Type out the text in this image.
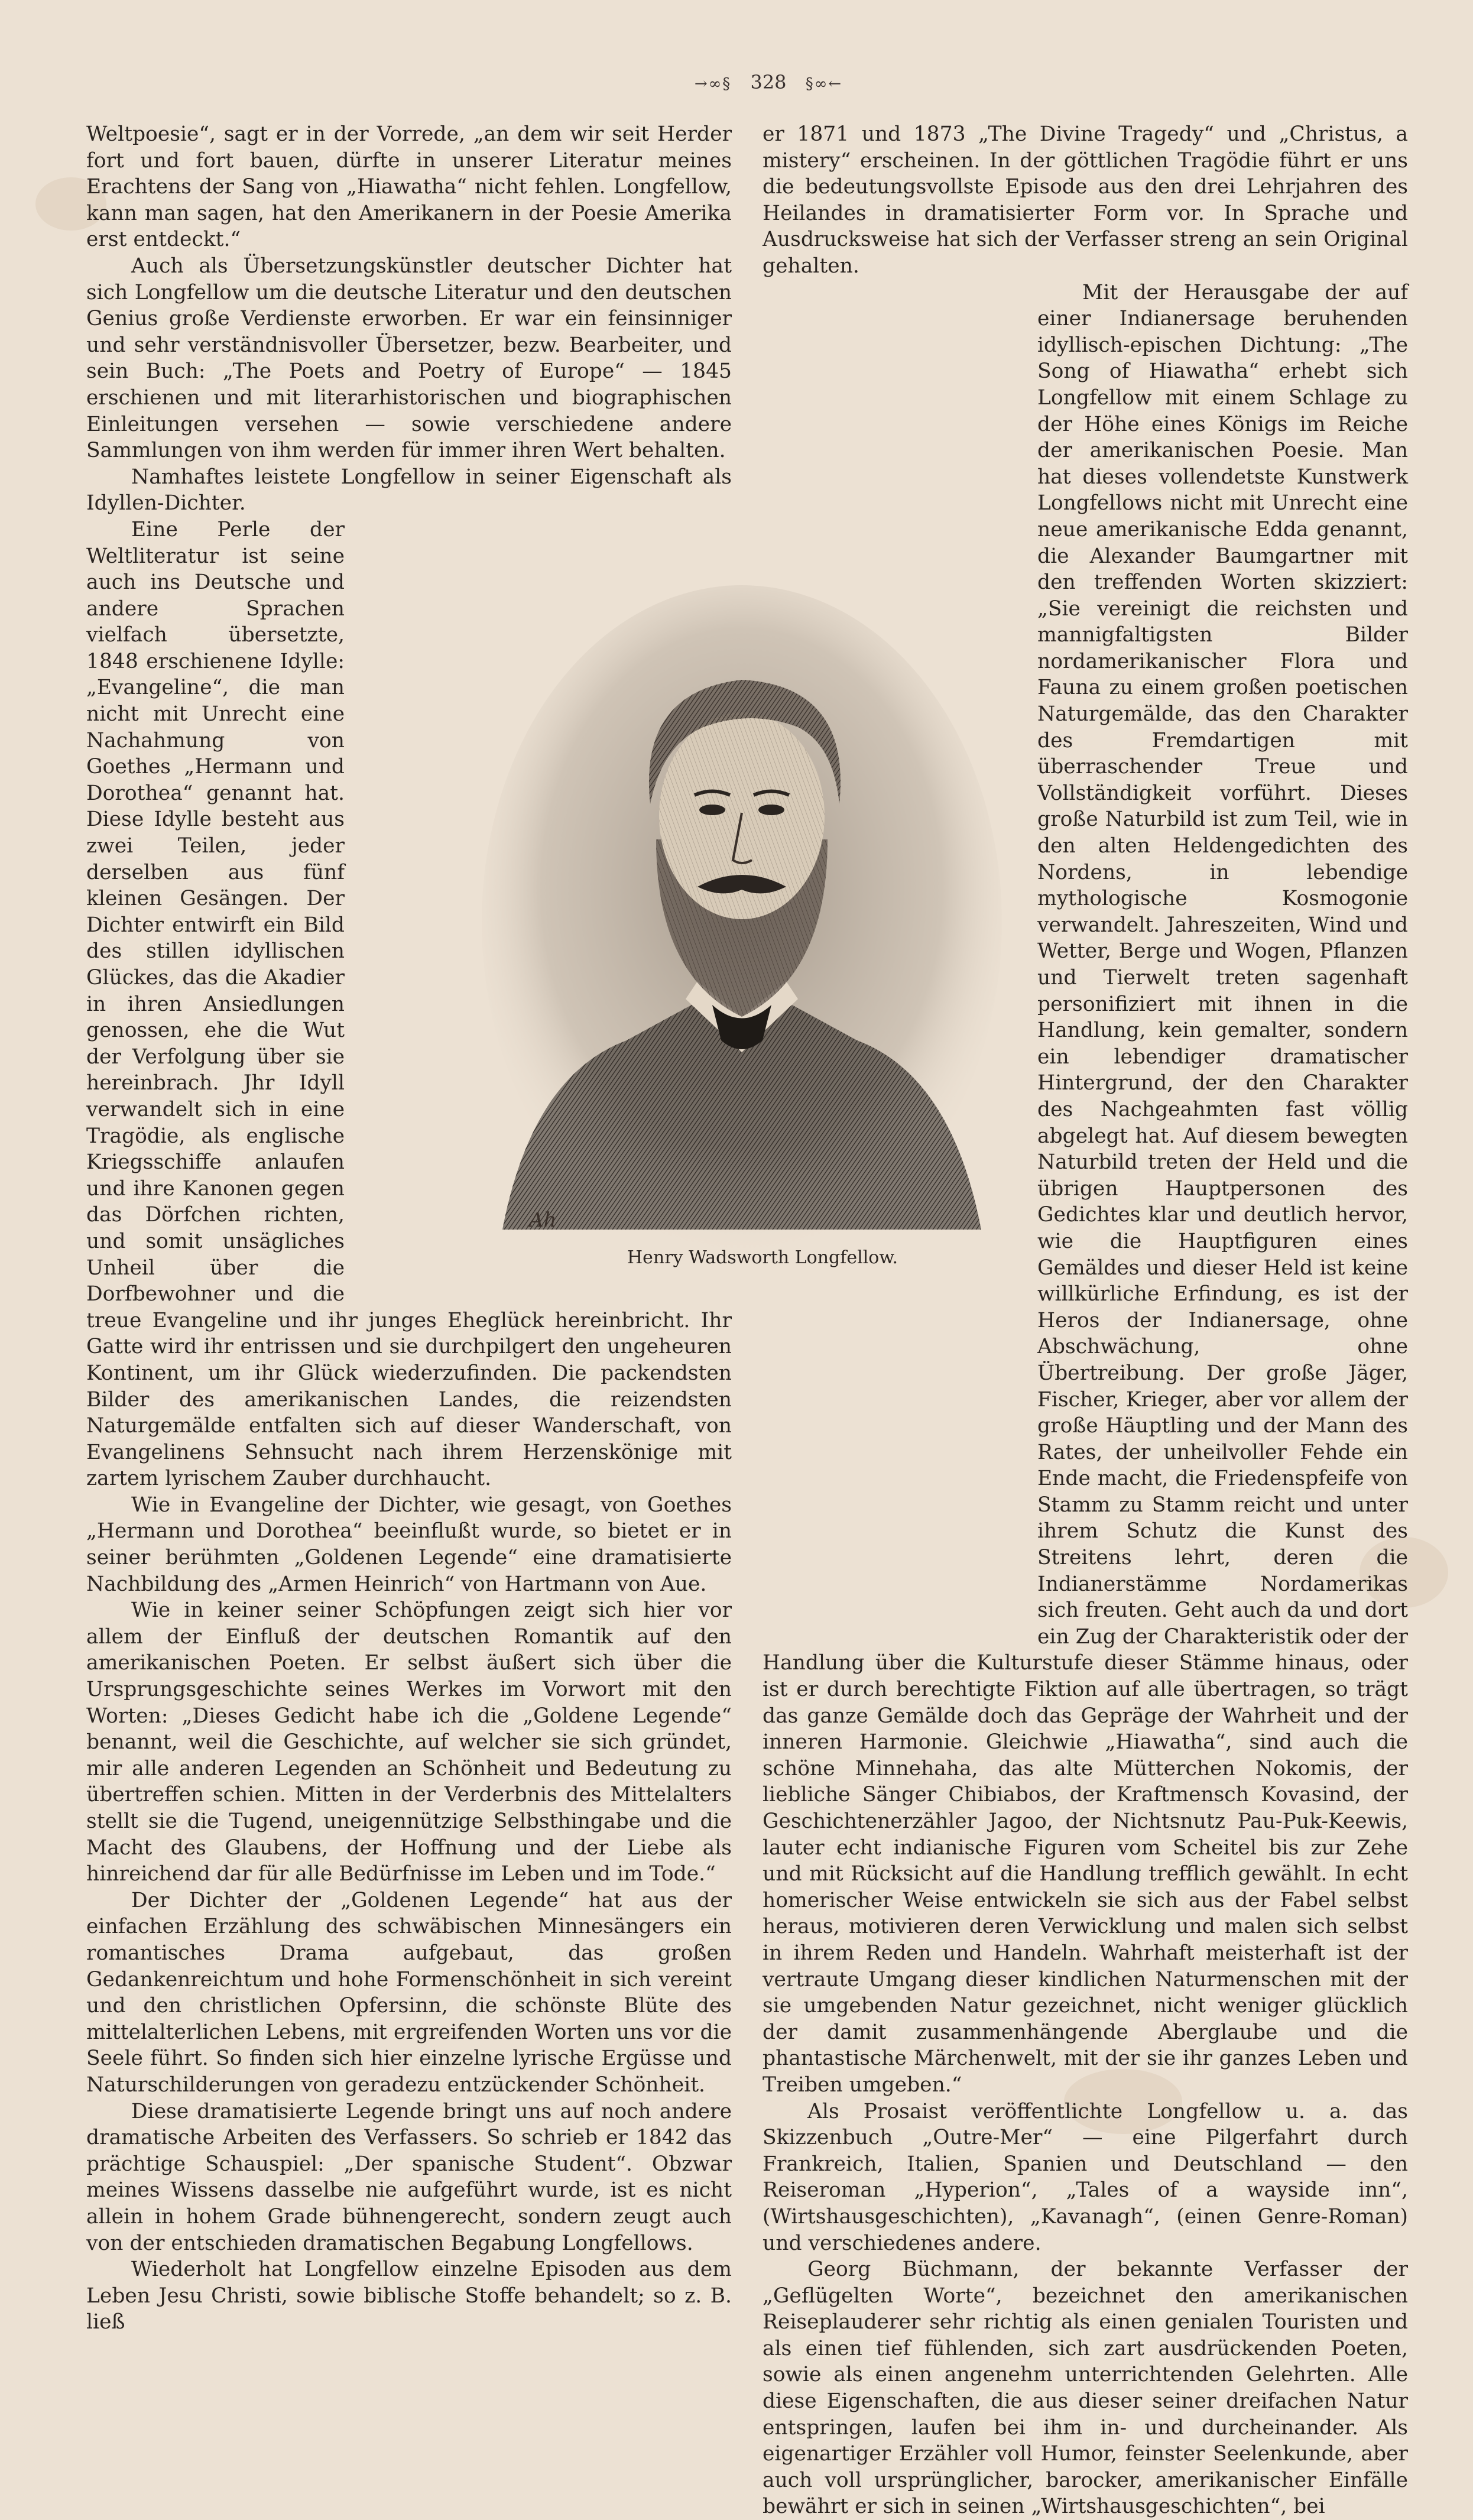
→∞§ 328 §∞←

Weltpoesie“, sagt er in der Vorrede, „an dem wir seit Herder fort und fort bauen, dürfte in unserer Literatur meines Erachtens der Sang von „Hiawatha“ nicht fehlen. Longfellow, kann man sagen, hat den Amerikanern in der Poesie Amerika erst entdeckt.“

Auch als Übersetzungskünstler deutscher Dichter hat sich Longfellow um die deutsche Literatur und den deutschen Genius große Verdienste erworben. Er war ein feinsinniger und sehr verständnisvoller Übersetzer, bezw. Bearbeiter, und sein Buch: „The Poets and Poetry of Europe“ — 1845 erschienen und mit literarhistorischen und biographischen Einleitungen versehen — sowie verschiedene andere Sammlungen von ihm werden für immer ihren Wert behalten.

Namhaftes leistete Longfellow in seiner Eigenschaft als Idyllen-Dichter.

Eine Perle der Weltliteratur ist seine auch ins Deutsche und andere Sprachen vielfach übersetzte, 1848 erschienene Idylle: „Evangeline“, die man nicht mit Unrecht eine Nachahmung von Goethes „Hermann und Dorothea“ genannt hat. Diese Idylle besteht aus zwei Teilen, jeder derselben aus fünf kleinen Gesängen. Der Dichter entwirft ein Bild des stillen idyllischen Glückes, das die Akadier in ihren Ansiedlungen genossen, ehe die Wut der Verfolgung über sie hereinbrach. Jhr Idyll verwandelt sich in eine Tragödie, als englische Kriegsschiffe anlaufen und ihre Kanonen gegen das Dörfchen richten, und somit unsägliches Unheil über die Dorfbewohner und die treue Evangeline und ihr junges Eheglück hereinbricht. Ihr Gatte wird ihr entrissen und sie durchpilgert den ungeheuren Kontinent, um ihr Glück wiederzufinden. Die packendsten Bilder des amerikanischen Landes, die reizendsten Naturgemälde entfalten sich auf dieser Wanderschaft, von Evangelinens Sehnsucht nach ihrem Herzenskönige mit zartem lyrischem Zauber durchhaucht.

Wie in Evangeline der Dichter, wie gesagt, von Goethes „Hermann und Dorothea“ beeinflußt wurde, so bietet er in seiner berühmten „Goldenen Legende“ eine dramatisierte Nachbildung des „Armen Heinrich“ von Hartmann von Aue.

Wie in keiner seiner Schöpfungen zeigt sich hier vor allem der Einfluß der deutschen Romantik auf den amerikanischen Poeten. Er selbst äußert sich über die Ursprungsgeschichte seines Werkes im Vorwort mit den Worten: „Dieses Gedicht habe ich die „Goldene Legende“ benannt, weil die Geschichte, auf welcher sie sich gründet, mir alle anderen Legenden an Schönheit und Bedeutung zu übertreffen schien. Mitten in der Verderbnis des Mittelalters stellt sie die Tugend, uneigennützige Selbsthingabe und die Macht des Glaubens, der Hoffnung und der Liebe als hinreichend dar für alle Bedürfnisse im Leben und im Tode.“

Der Dichter der „Goldenen Legende“ hat aus der einfachen Erzählung des schwäbischen Minnesängers ein romantisches Drama aufgebaut, das großen Gedankenreichtum und hohe Formenschönheit in sich vereint und den christlichen Opfersinn, die schönste Blüte des mittelalterlichen Lebens, mit ergreifenden Worten uns vor die Seele führt. So finden sich hier einzelne lyrische Ergüsse und Naturschilderungen von geradezu entzückender Schönheit.

Diese dramatisierte Legende bringt uns auf noch andere dramatische Arbeiten des Verfassers. So schrieb er 1842 das prächtige Schauspiel: „Der spanische Student“. Obzwar meines Wissens dasselbe nie aufgeführt wurde, ist es nicht allein in hohem Grade bühnengerecht, sondern zeugt auch von der entschieden dramatischen Begabung Longfellows.

Wiederholt hat Longfellow einzelne Episoden aus dem Leben Jesu Christi, sowie biblische Stoffe behandelt; so z. B. ließ

er 1871 und 1873 „The Divine Tragedy“ und „Christus, a mistery“ erscheinen. In der göttlichen Tragödie führt er uns die bedeutungsvollste Episode aus den drei Lehrjahren des Heilandes in dramatisierter Form vor. In Sprache und Ausdrucksweise hat sich der Verfasser streng an sein Original gehalten.

Mit der Herausgabe der auf einer Indianersage beruhenden idyllisch-epischen Dichtung: „The Song of Hiawatha“ erhebt sich Longfellow mit einem Schlage zu der Höhe eines Königs im Reiche der amerikanischen Poesie. Man hat dieses vollendetste Kunstwerk Longfellows nicht mit Unrecht eine neue amerikanische Edda genannt, die Alexander Baumgartner mit den treffenden Worten skizziert: „Sie vereinigt die reichsten und mannigfaltigsten Bilder nordamerikanischer Flora und Fauna zu einem großen poetischen Naturgemälde, das den Charakter des Fremdartigen mit überraschender Treue und Vollständigkeit vorführt. Dieses große Naturbild ist zum Teil, wie in den alten Heldengedichten des Nordens, in lebendige mythologische Kosmogonie verwandelt. Jahreszeiten, Wind und Wetter, Berge und Wogen, Pflanzen und Tierwelt treten sagenhaft personifiziert mit ihnen in die Handlung, kein gemalter, sondern ein lebendiger dramatischer Hintergrund, der den Charakter des Nachgeahmten fast völlig abgelegt hat. Auf diesem bewegten Naturbild treten der Held und die übrigen Hauptpersonen des Gedichtes klar und deutlich hervor, wie die Hauptfiguren eines Gemäldes und dieser Held ist keine willkürliche Erfindung, es ist der Heros der Indianersage, ohne Abschwächung, ohne Übertreibung. Der große Jäger, Fischer, Krieger, aber vor allem der große Häuptling und der Mann des Rates, der unheilvoller Fehde ein Ende macht, die Friedenspfeife von Stamm zu Stamm reicht und unter ihrem Schutz die Kunst des Streitens lehrt, deren die Indianerstämme Nordamerikas sich freuten. Geht auch da und dort ein Zug der Charakteristik oder der Handlung über die Kulturstufe dieser Stämme hinaus, oder ist er durch berechtigte Fiktion auf alle übertragen, so trägt das ganze Gemälde doch das Gepräge der Wahrheit und der inneren Harmonie. Gleichwie „Hiawatha“, sind auch die schöne Minnehaha, das alte Mütterchen Nokomis, der liebliche Sänger Chibiabos, der Kraftmensch Kovasind, der Geschichtenerzähler Jagoo, der Nichtsnutz Pau-Puk-Keewis, lauter echt indianische Figuren vom Scheitel bis zur Zehe und mit Rücksicht auf die Handlung trefflich gewählt. In echt homerischer Weise entwickeln sie sich aus der Fabel selbst heraus, motivieren deren Verwicklung und malen sich selbst in ihrem Reden und Handeln. Wahrhaft meisterhaft ist der vertraute Umgang dieser kindlichen Naturmenschen mit der sie umgebenden Natur gezeichnet, nicht weniger glücklich der damit zusammenhängende Aberglaube und die phantastische Märchenwelt, mit der sie ihr ganzes Leben und Treiben umgeben.“

Als Prosaist veröffentlichte Longfellow u. a. das Skizzenbuch „Outre-Mer“ — eine Pilgerfahrt durch Frankreich, Italien, Spanien und Deutschland — den Reiseroman „Hyperion“, „Tales of a wayside inn“, (Wirtshausgeschichten), „Kavanagh“, (einen Genre-Roman) und verschiedenes andere.

Georg Büchmann, der bekannte Verfasser der „Geflügelten Worte“, bezeichnet den amerikanischen Reiseplauderer sehr richtig als einen genialen Touristen und als einen tief fühlenden, sich zart ausdrückenden Poeten, sowie als einen angenehm unterrichtenden Gelehrten. Alle diese Eigenschaften, die aus dieser seiner dreifachen Natur entspringen, laufen bei ihm in- und durcheinander. Als eigenartiger Erzähler voll Humor, feinster Seelenkunde, aber auch voll ursprünglicher, barocker, amerikanischer Einfälle bewährt er sich in seinen „Wirtshausgeschichten“, bei

Ah
Henry Wadsworth Longfellow.
